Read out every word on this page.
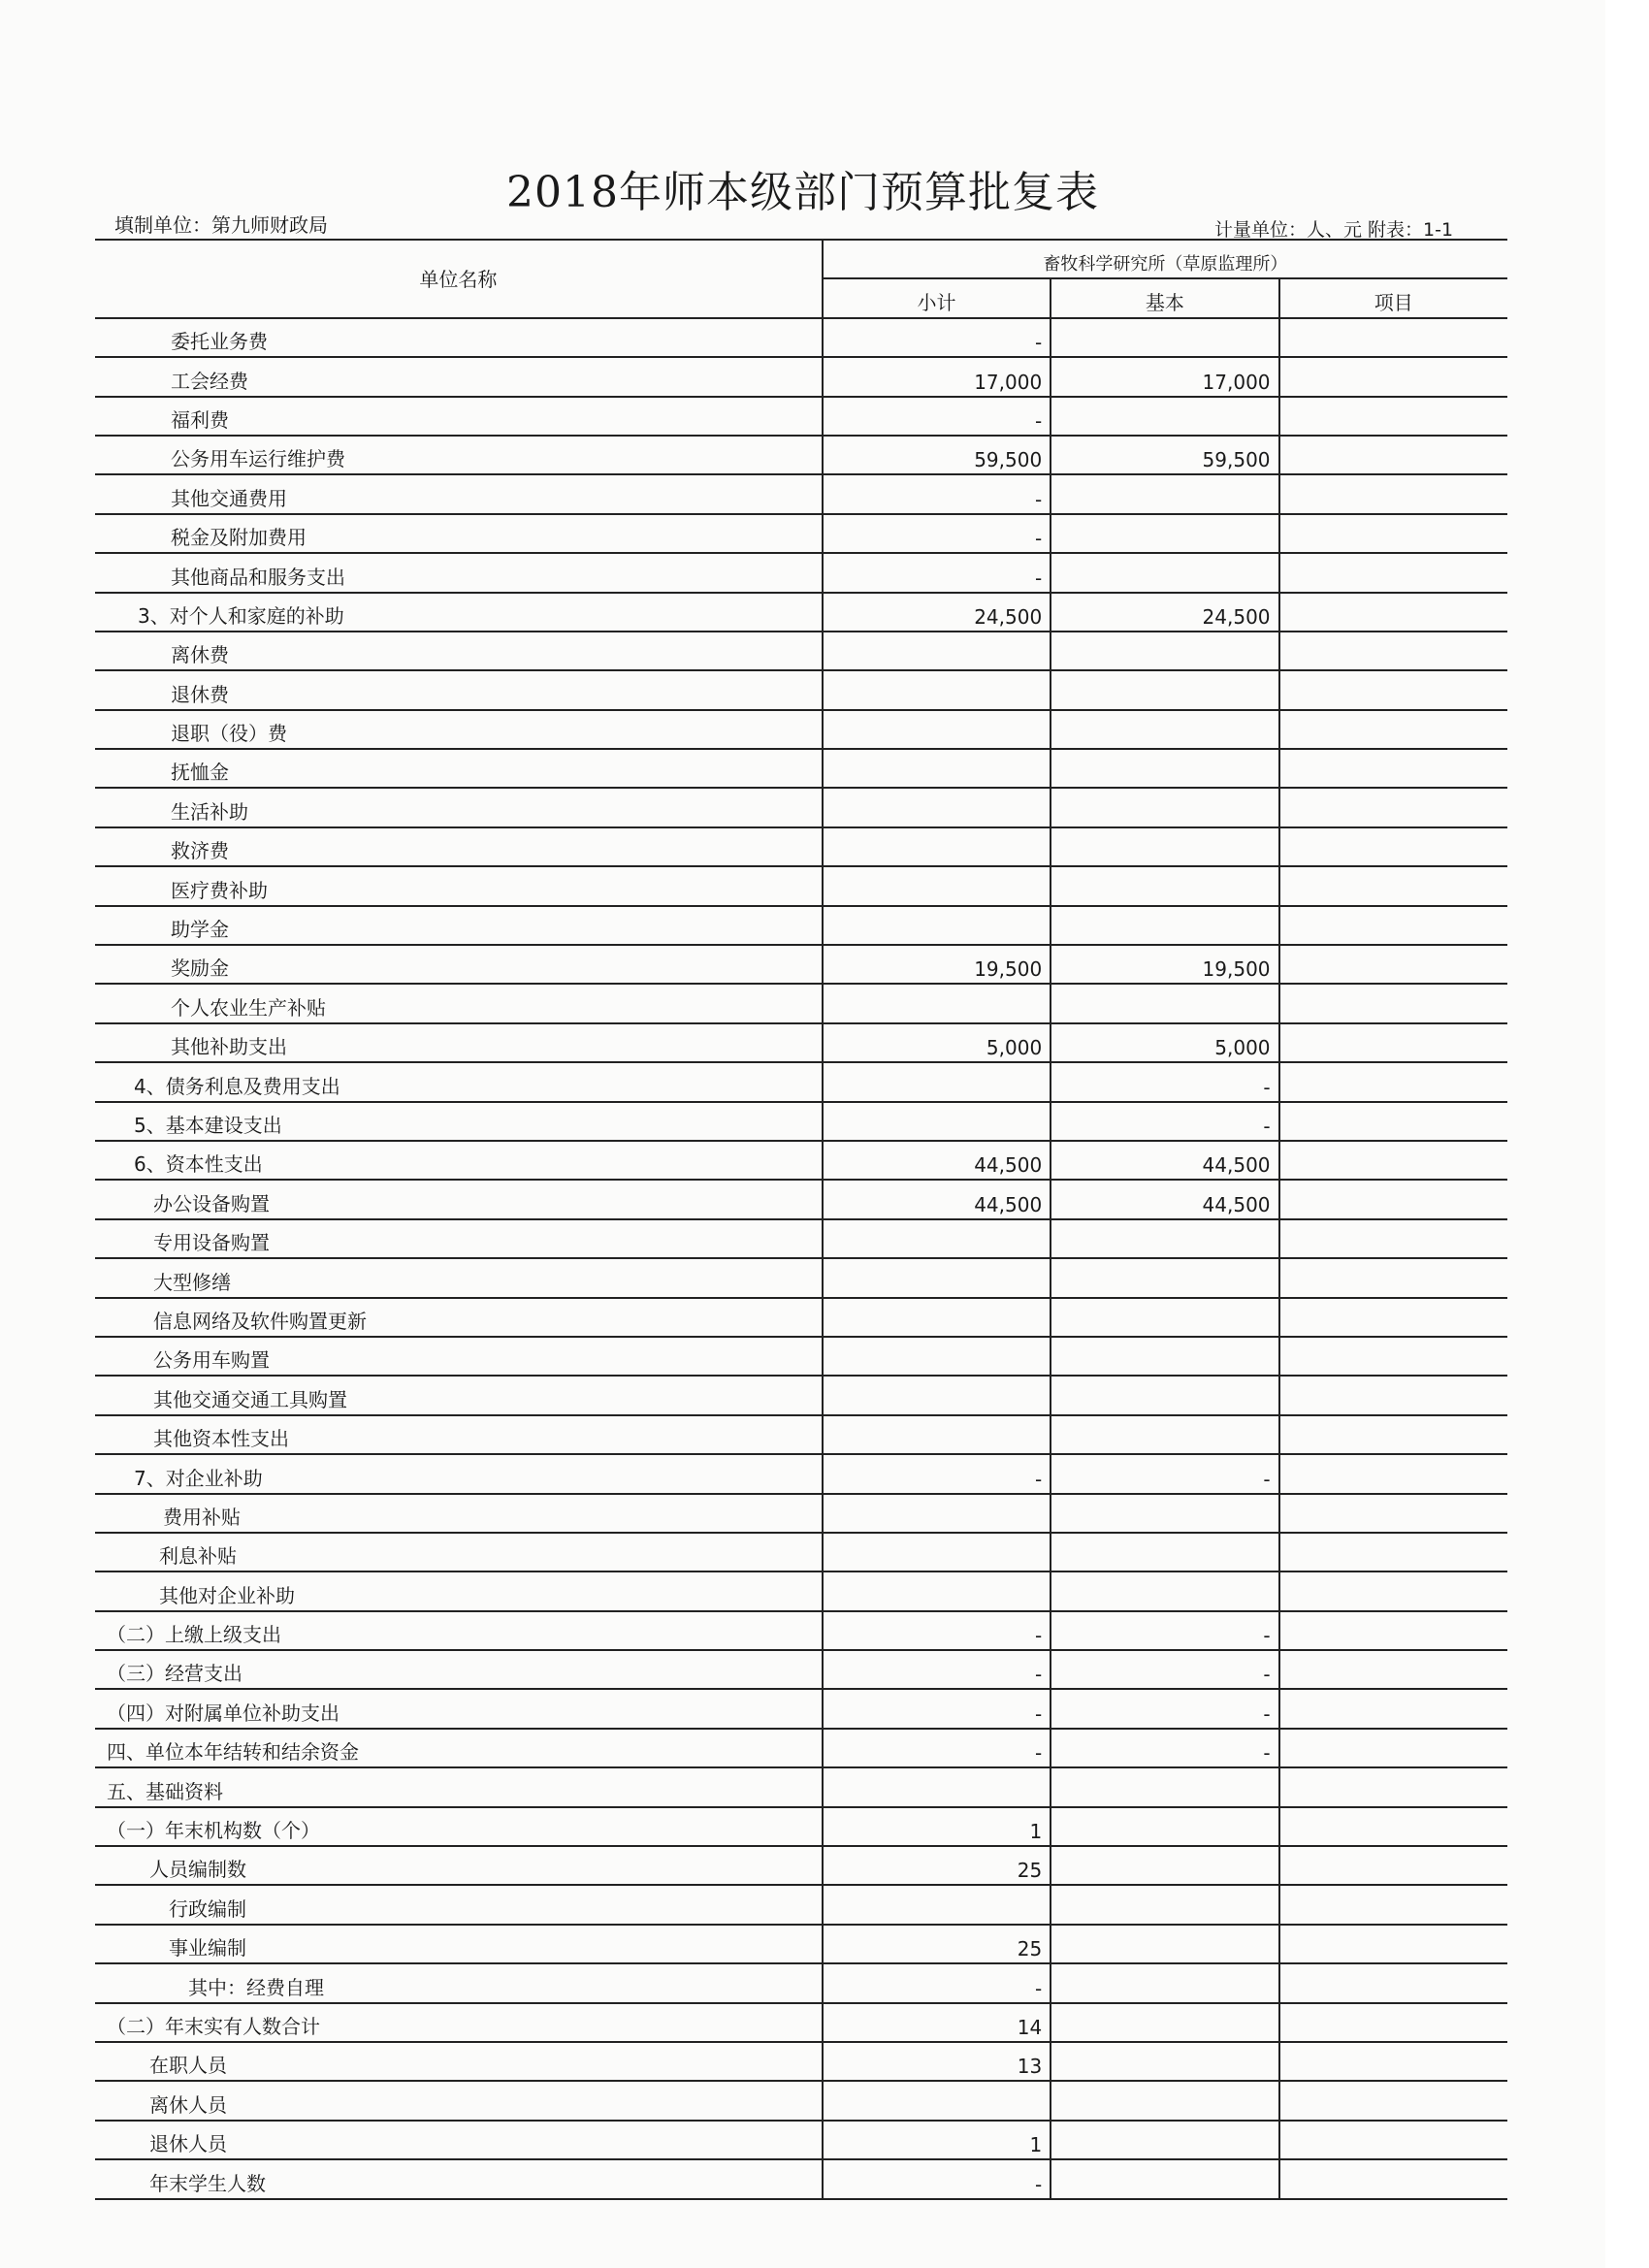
2018年师本级部门预算批复表
填制单位：第九师财政局	计量单位：人、元 附表：1-1
单位名称	畜牧科学研究所（草原监理所）		
	小计	基本	项目
委托业务费	-		
工会经费	17,000	17,000	
福利费	-		
公务用车运行维护费	59,500	59,500	
其他交通费用	-		
税金及附加费用	-		
其他商品和服务支出	-		
3、对个人和家庭的补助	24,500	24,500	
离休费			
退休费			
退职（役）费			
抚恤金			
生活补助			
救济费			
医疗费补助			
助学金			
奖励金	19,500	19,500	
个人农业生产补贴			
其他补助支出	5,000	5,000	
4、债务利息及费用支出		-	
5、基本建设支出		-	
6、资本性支出	44,500	44,500	
办公设备购置	44,500	44,500	
专用设备购置			
大型修缮			
信息网络及软件购置更新			
公务用车购置			
其他交通交通工具购置			
其他资本性支出			
7、对企业补助	-	-	
费用补贴			
利息补贴			
其他对企业补助			
（二）上缴上级支出	-	-	
（三）经营支出	-	-	
（四）对附属单位补助支出	-	-	
四、单位本年结转和结余资金	-	-	
五、基础资料			
（一）年末机构数（个）	1		
人员编制数	25		
行政编制			
事业编制	25		
其中：经费自理	-		
（二）年末实有人数合计	14		
在职人员	13		
离休人员			
退休人员	1		
年末学生人数	-		
